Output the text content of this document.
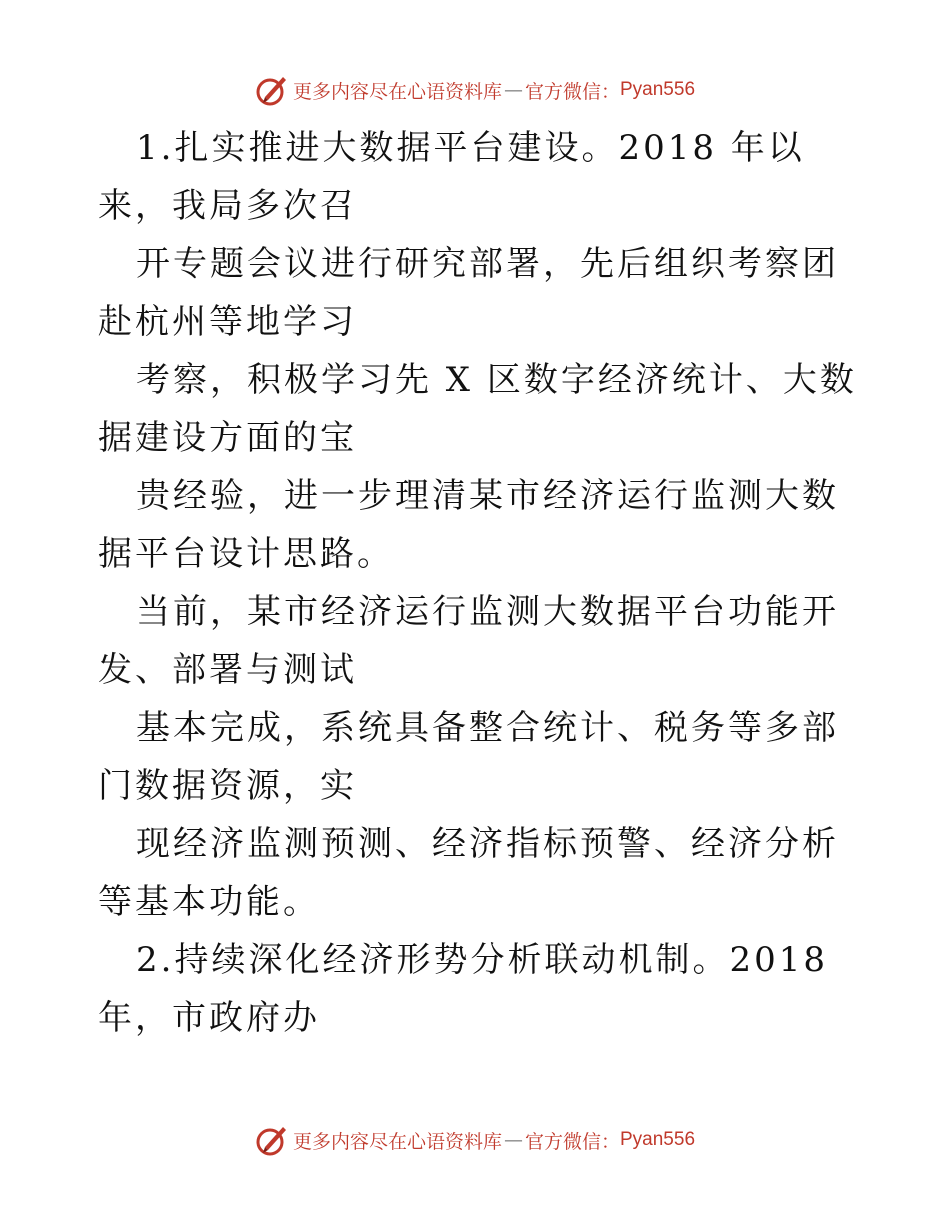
更多内容尽在心语资料库 — 官方微信： Pyan556

1.扎实推进大数据平台建设。2018 年以来，我局多次召

开专题会议进行研究部署，先后组织考察团赴杭州等地学习

考察，积极学习先 X 区数字经济统计、大数据建设方面的宝

贵经验，进一步理清某市经济运行监测大数据平台设计思路。

当前，某市经济运行监测大数据平台功能开发、部署与测试

基本完成，系统具备整合统计、税务等多部门数据资源，实

现经济监测预测、经济指标预警、经济分析等基本功能。

2.持续深化经济形势分析联动机制。2018 年，市政府办

更多内容尽在心语资料库 — 官方微信： Pyan556
